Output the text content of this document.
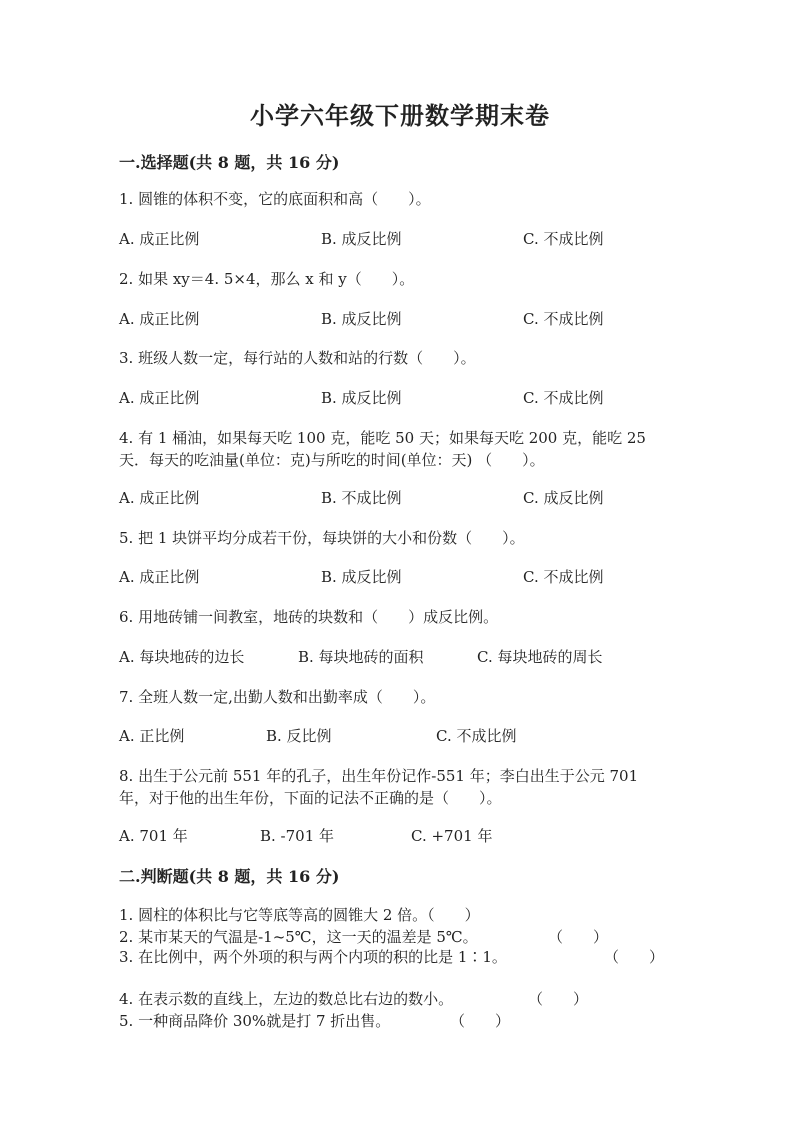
小学六年级下册数学期末卷
一.选择题(共 8 题，共 16 分)
1. 圆锥的体积不变，它的底面积和高（　　）。
A. 成正比例	B. 成反比例	C. 不成比例
2. 如果 xy＝4. 5×4，那么 x 和 y（　　）。
A. 成正比例	B. 成反比例	C. 不成比例
3. 班级人数一定，每行站的人数和站的行数（　　）。
A. 成正比例	B. 成反比例	C. 不成比例
4. 有 1 桶油，如果每天吃 100 克，能吃 50 天；如果每天吃 200 克，能吃 25
天．每天的吃油量(单位：克)与所吃的时间(单位：天) （　　）。
A. 成正比例	B. 不成比例	C. 成反比例
5. 把 1 块饼平均分成若干份，每块饼的大小和份数（　　）。
A. 成正比例	B. 成反比例	C. 不成比例
6. 用地砖铺一间教室，地砖的块数和（　　）成反比例。
A. 每块地砖的边长	B. 每块地砖的面积	C. 每块地砖的周长
7. 全班人数一定,出勤人数和出勤率成（　　）。
A. 正比例	B. 反比例	C. 不成比例
8. 出生于公元前 551 年的孔子，出生年份记作-551 年；李白出生于公元 701
年，对于他的出生年份，下面的记法不正确的是（　　）。
A. 701 年	B. -701 年	C. +701 年
二.判断题(共 8 题，共 16 分)
1. 圆柱的体积比与它等底等高的圆锥大 2 倍。（　　）
2. 某市某天的气温是-1~5℃，这一天的温差是 5℃。	（　　）
3. 在比例中，两个外项的积与两个内项的积的比是 1∶1。	（　　）
4. 在表示数的直线上，左边的数总比右边的数小。	（　　）
5. 一种商品降价 30%就是打 7 折出售。	（　　）
